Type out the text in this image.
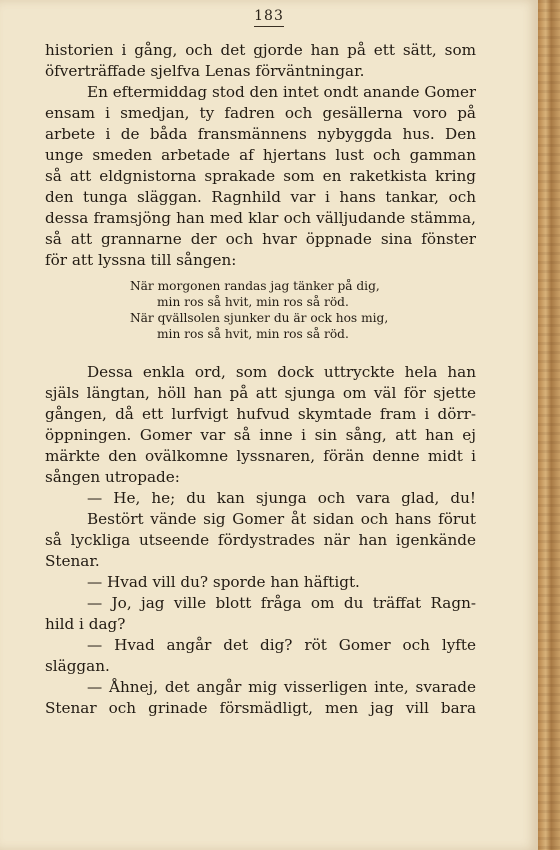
183
historien i gång, och det gjorde han på ett sätt, som
öfverträffade sjelfva Lenas förväntningar.
En eftermiddag stod den intet ondt anande Gomer
ensam i smedjan, ty fadren och gesällerna voro på
arbete i de båda fransmännens nybyggda hus. Den
unge smeden arbetade af hjertans lust och gamman
så att eldgnistorna sprakade som en raketkista kring
den tunga släggan. Ragnhild var i hans tankar, och
dessa framsjöng han med klar och välljudande stämma,
så att grannarne der och hvar öppnade sina fönster
för att lyssna till sången:
När morgonen randas jag tänker på dig,
min ros så hvit, min ros så röd.
När qvällsolen sjunker du är ock hos mig,
min ros så hvit, min ros så röd.
Dessa enkla ord, som dock uttryckte hela han
själs längtan, höll han på att sjunga om väl för sjette
gången, då ett lurfvigt hufvud skymtade fram i dörr-
öppningen. Gomer var så inne i sin sång, att han ej
märkte den ovälkomne lyssnaren, förän denne midt i
sången utropade:
— He, he; du kan sjunga och vara glad, du!
Bestört vände sig Gomer åt sidan och hans förut
så lyckliga utseende fördystrades när han igenkände
Stenar.
— Hvad vill du? sporde han häftigt.
— Jo, jag ville blott fråga om du träffat Ragn-
hild i dag?
— Hvad angår det dig? röt Gomer och lyfte
släggan.
— Åhnej, det angår mig visserligen inte, svarade
Stenar och grinade försmädligt, men jag vill bara
